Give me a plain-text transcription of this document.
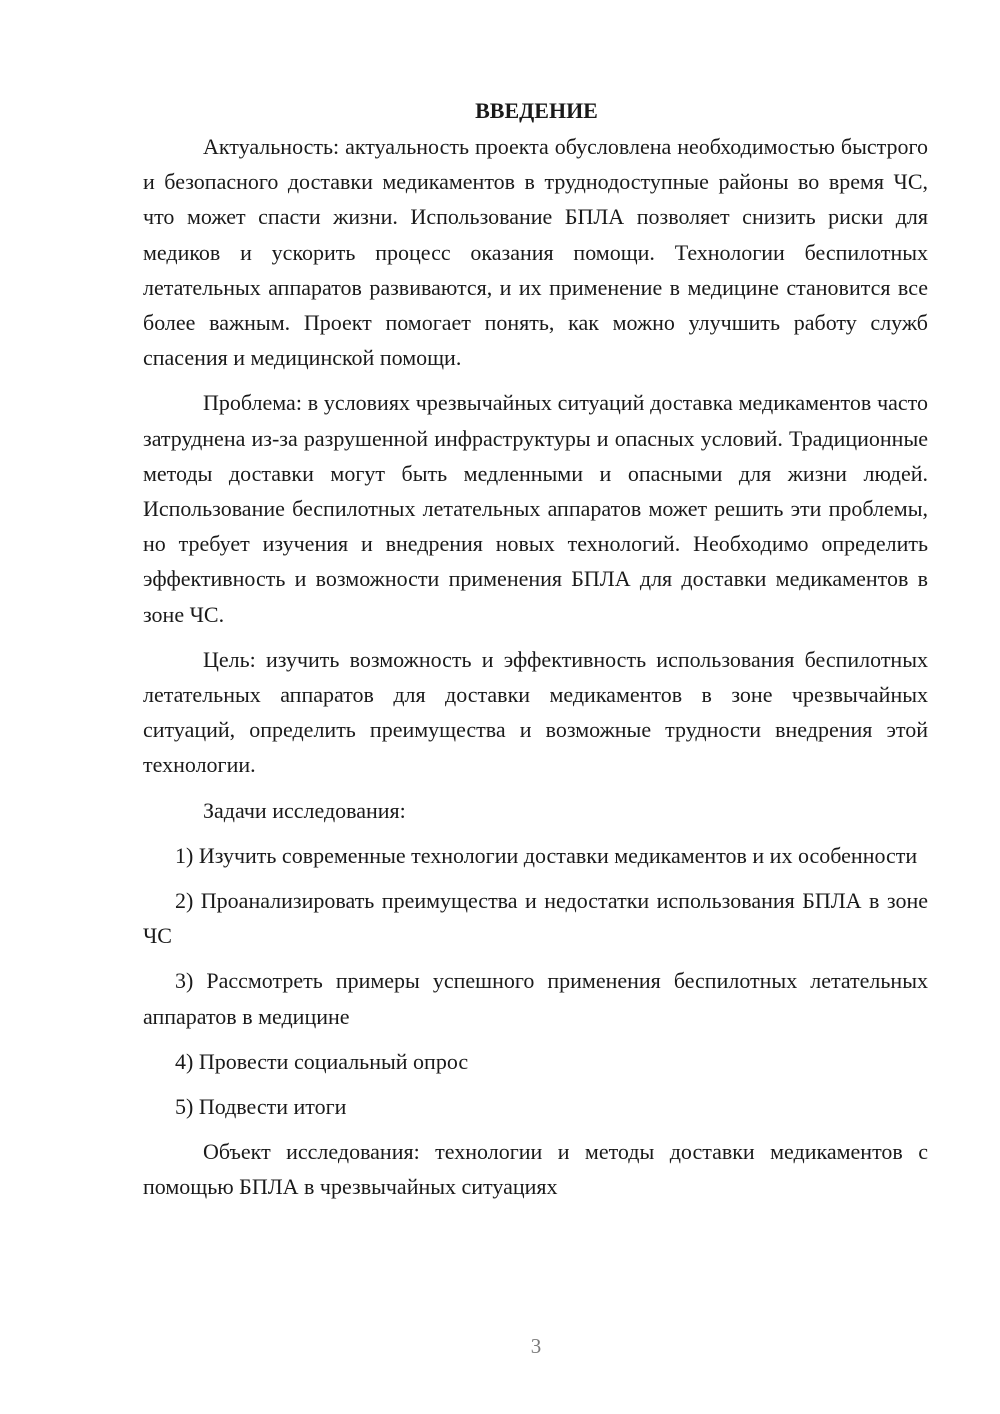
ВВЕДЕНИЕ

Актуальность: актуальность проекта обусловлена необходимостью быстрого и безопасного доставки медикаментов в труднодоступные районы во время ЧС, что может спасти жизни. Использование БПЛА позволяет снизить риски для медиков и ускорить процесс оказания помощи. Технологии беспилотных летательных аппаратов развиваются, и их применение в медицине становится все более важным. Проект помогает понять, как можно улучшить работу служб спасения и медицинской помощи.

Проблема: в условиях чрезвычайных ситуаций доставка медикаментов часто затруднена из-за разрушенной инфраструктуры и опасных условий. Традиционные методы доставки могут быть медленными и опасными для жизни людей. Использование беспилотных летательных аппаратов может решить эти проблемы, но требует изучения и внедрения новых технологий. Необходимо определить эффективность и возможности применения БПЛА для доставки медикаментов в зоне ЧС.

Цель: изучить возможность и эффективность использования беспилотных летательных аппаратов для доставки медикаментов в зоне чрезвычайных ситуаций, определить преимущества и возможные трудности внедрения этой технологии.

Задачи исследования:

1) Изучить современные технологии доставки медикаментов и их особенности

2) Проанализировать преимущества и недостатки использования БПЛА в зоне ЧС

3) Рассмотреть примеры успешного применения беспилотных летательных аппаратов в медицине

4) Провести социальный опрос

5) Подвести итоги

Объект исследования: технологии и методы доставки медикаментов с помощью БПЛА в чрезвычайных ситуациях

3
